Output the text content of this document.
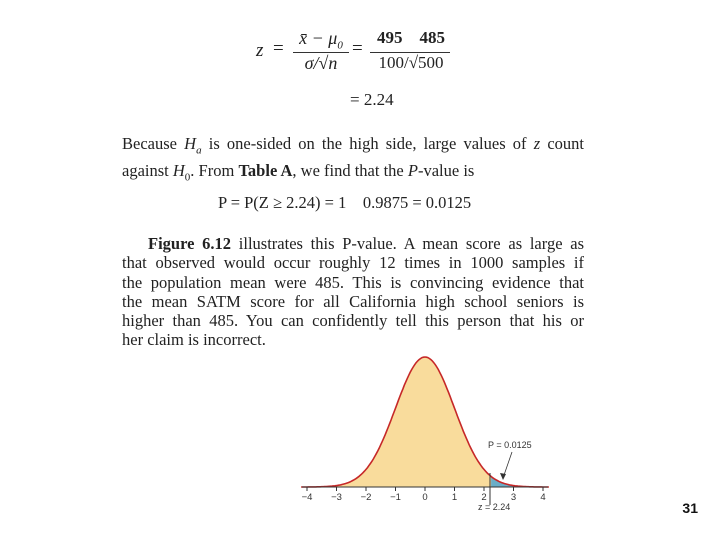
z = x̄ − $\mu_0$
σ/√n
=
495    485
100/√500
= 2.24
Because $H_a$ is one-sided on the high side, large values of z count
against $H_0$. From Table A, we find that the P-value is
P = P(Z ≥ 2.24) = 1    0.9875 = 0.0125
Figure 6.12 illustrates this P-value. A mean score as large as
that observed would occur roughly 12 times in 1000 samples if
the population mean were 485. This is convincing evidence that
the mean SATM score for all California high school seniors is
higher than 485. You can confidently tell this person that his or
her claim is incorrect.
−4 −3 −2 −1 0	1	2	3	4
z = 2.24
P = 0.0125
31
